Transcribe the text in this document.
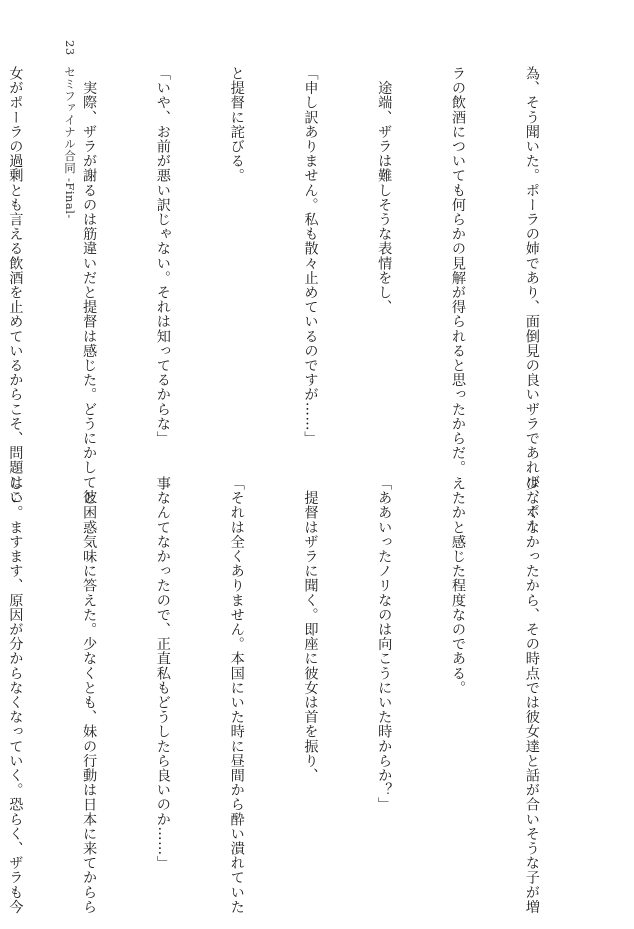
23 セミファイナル合同 -Final-

	為、そう聞いた。ポーラの姉であり、面倒見の良いザラであれば、ポー

ラの飲酒についても何らかの見解が得られると思ったからだ。

　途端、ザラは難しそうな表情をし、

「申し訳ありません。私も散々止めているのですが……」

と提督に詫びる。

「いや、お前が悪い訳じゃない。それは知ってるからな」

　実際、ザラが謝るのは筋違いだと提督は感じた。どうにかして彼

女がポーラの過剰とも言える飲酒を止めているからこそ、問題はこ

少なくなかったから、その時点では彼女達と話が合いそうな子が増

えたかと感じた程度なのである。

「ああいったノリなのは向こうにいた時からか？」

　提督はザラに聞く。即座に彼女は首を振り、

「それは全くありません。本国にいた時に昼間から酔い潰れていた

事なんてなかったので、正直私もどうしたら良いのか……」

　と困惑気味に答えた。少なくとも、妹の行動は日本に来てからら

しい。ますます、原因が分からなくなっていく。恐らく、ザラも今
